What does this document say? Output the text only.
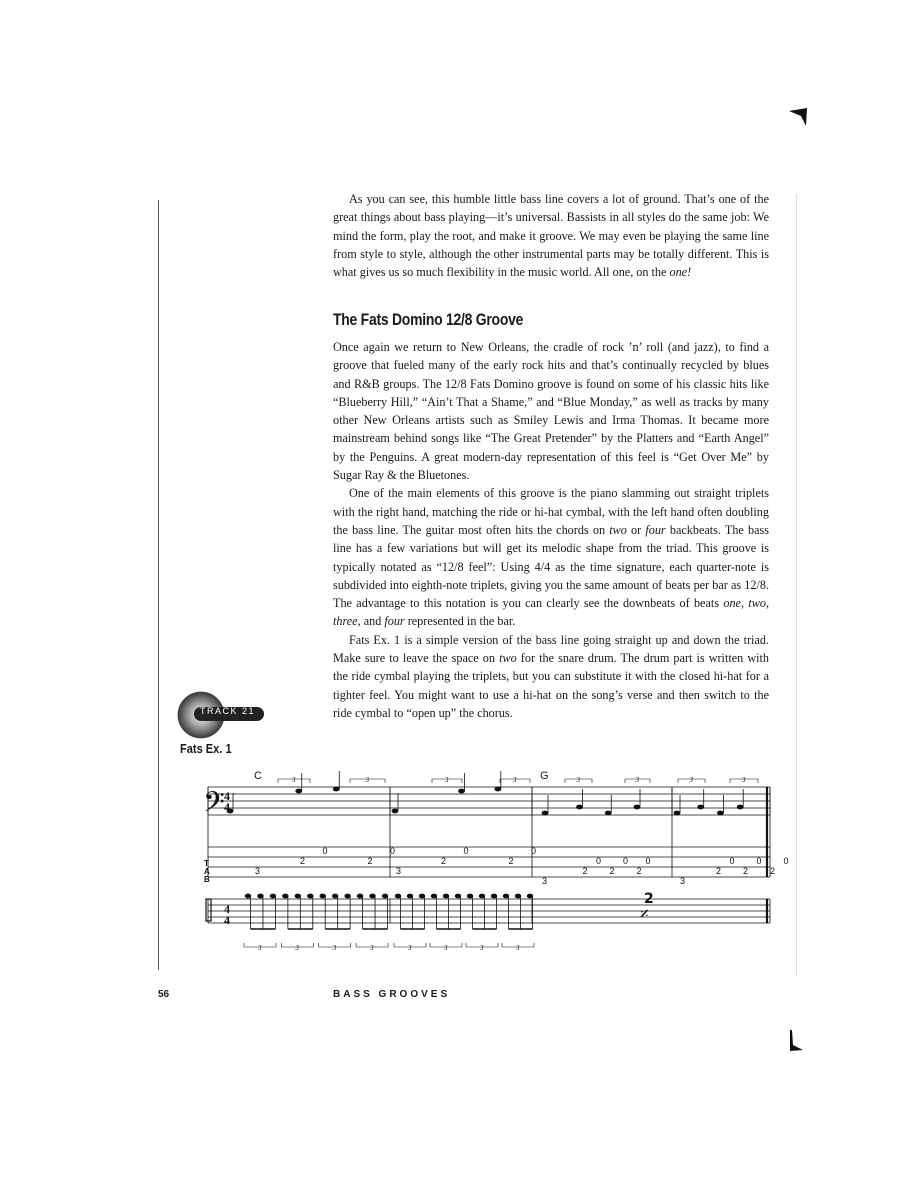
As you can see, this humble little bass line covers a lot of ground. That’s one of the great things about bass playing—it’s universal. Bassists in all styles do the same job: We mind the form, play the root, and make it groove. We may even be playing the same line from style to style, although the other instrumental parts may be totally different. This is what gives us so much flexibility in the music world. All one, on the one!

The Fats Domino 12/8 Groove

Once again we return to New Orleans, the cradle of rock ’n’ roll (and jazz), to find a groove that fueled many of the early rock hits and that’s continually recycled by blues and R&B groups. The 12/8 Fats Domino groove is found on some of his classic hits like “Blueberry Hill,” “Ain’t That a Shame,” and “Blue Monday,” as well as tracks by many other New Orleans artists such as Smiley Lewis and Irma Thomas. It became more mainstream behind songs like “The Great Pretender” by the Platters and “Earth Angel” by the Penguins. A great modern-day representation of this feel is “Get Over Me” by Sugar Ray & the Bluetones.

One of the main elements of this groove is the piano slamming out straight triplets with the right hand, matching the ride or hi-hat cymbal, with the left hand often doubling the bass line. The guitar most often hits the chords on two or four backbeats. The bass line has a few variations but will get its melodic shape from the triad. This groove is typically notated as “12/8 feel”: Using 4/4 as the time signature, each quarter-note is subdivided into eighth-note triplets, giving you the same amount of beats per bar as 12/8. The advantage to this notation is you can clearly see the downbeats of beats one, two, three, and four represented in the bar.

Fats Ex. 1 is a simple version of the bass line going straight up and down the triad. Make sure to leave the space on two for the snare drum. The drum part is written with the ride cymbal playing the triplets, but you can substitute it with the closed hi-hat for a tighter feel. You might want to use a hi-hat on the song’s verse and then switch to the ride cymbal to “open up” the chorus.

TRACK 21
Fats Ex. 1
C	G
3	3	3	3	3	3	3	3
3
2
0
2
0
3
2
0
2
0
3
2
0
2
0
2
0
3
2
0
2
0
2
0
3	3	3	3	3	3	3	3
𝄢 4
4
4
4
T
A
B
2
𝄎
56	BASS GROOVES
